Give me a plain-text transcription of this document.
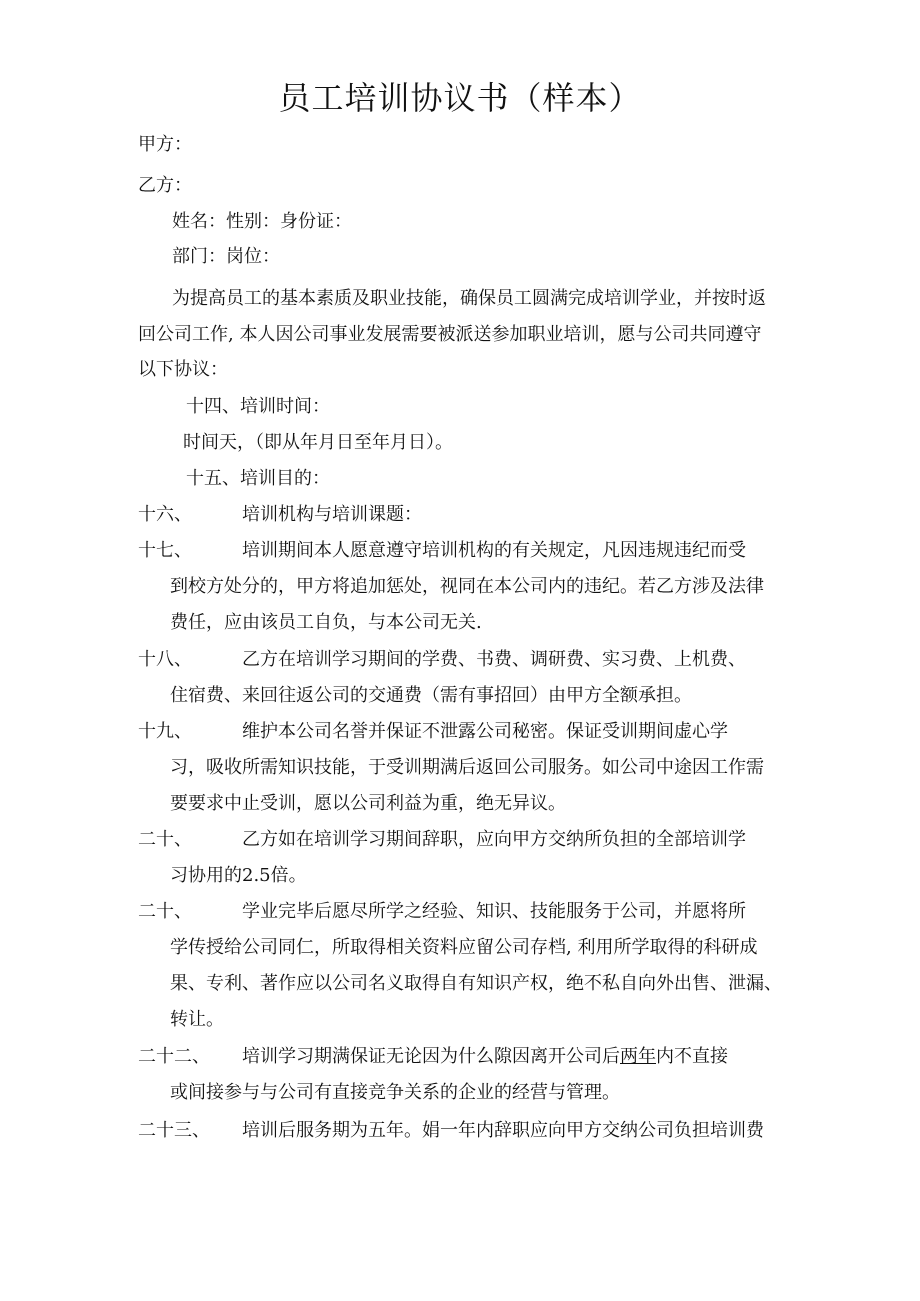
员工培训协议书（样本）
甲方：
乙方：
姓名：性别：身份证：
部门：岗位：
为提高员工的基本素质及职业技能，确保员工圆满完成培训学业，并按时返
回公司工作, 本人因公司事业发展需要被派送参加职业培训，愿与公司共同遵守
以下协议：
十四、培训时间：
时间天，（即从年月日至年月日）。
十五、培训目的：
十六、	培训机构与培训课题：
十七、	培训期间本人愿意遵守培训机构的有关规定，凡因违规违纪而受
到校方处分的，甲方将追加惩处，视同在本公司内的违纪。若乙方涉及法律
费任，应由该员工自负，与本公司无关.
十八、	乙方在培训学习期间的学费、书费、调研费、实习费、上机费、
住宿费、来回往返公司的交通费（需有事招回）由甲方全额承担。
十九、	维护本公司名誉并保证不泄露公司秘密。保证受训期间虚心学
习，吸收所需知识技能，于受训期满后返回公司服务。如公司中途因工作需
要要求中止受训，愿以公司利益为重，绝无异议。
二十、	乙方如在培训学习期间辞职，应向甲方交纳所负担的全部培训学
习协用的2.5倍。
二十、	学业完毕后愿尽所学之经验、知识、技能服务于公司，并愿将所
学传授给公司同仁，所取得相关资料应留公司存档, 利用所学取得的科研成
果、专利、著作应以公司名义取得自有知识产权，绝不私自向外出售、泄漏、
转让。
二十二、 培训学习期满保证无论因为什么隙因离开公司后两年内不直接
或间接参与与公司有直接竞争关系的企业的经营与管理。
二十三、 培训后服务期为五年。娟一年内辞职应向甲方交纳公司负担培训费
